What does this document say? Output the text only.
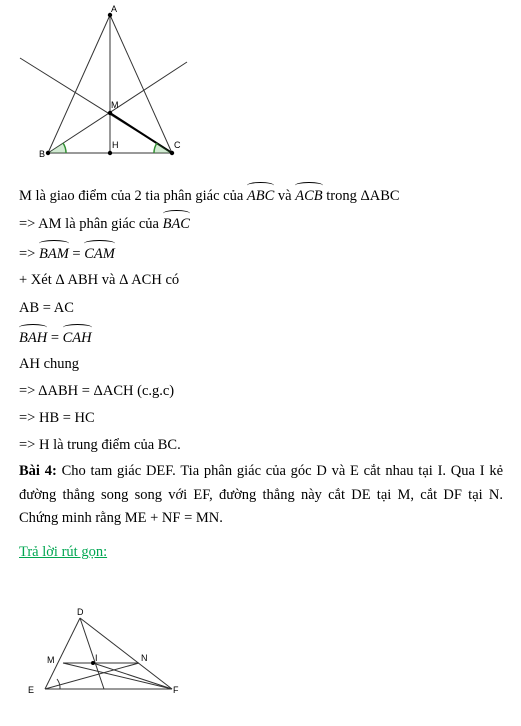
A
M
H
B
C
M là giao điểm của 2 tia phân giác của ABC và ACB trong ΔABC
=> AM là phân giác của BAC
=> BAM = CAM
+ Xét Δ ABH và Δ ACH có
AB = AC
BAH = CAH
AH chung
=> ΔABH = ΔACH (c.g.c)
=> HB = HC
=> H là trung điểm của BC.
Bài 4: Cho tam giác DEF. Tia phân giác của góc D và E cắt nhau tại I. Qua I kẻ đường thẳng song song với EF, đường thẳng này cắt DE tại M, cắt DF tại N. Chứng minh rằng ME + NF = MN.
Trả lời rút gọn:
D
M	I	N
E	F
